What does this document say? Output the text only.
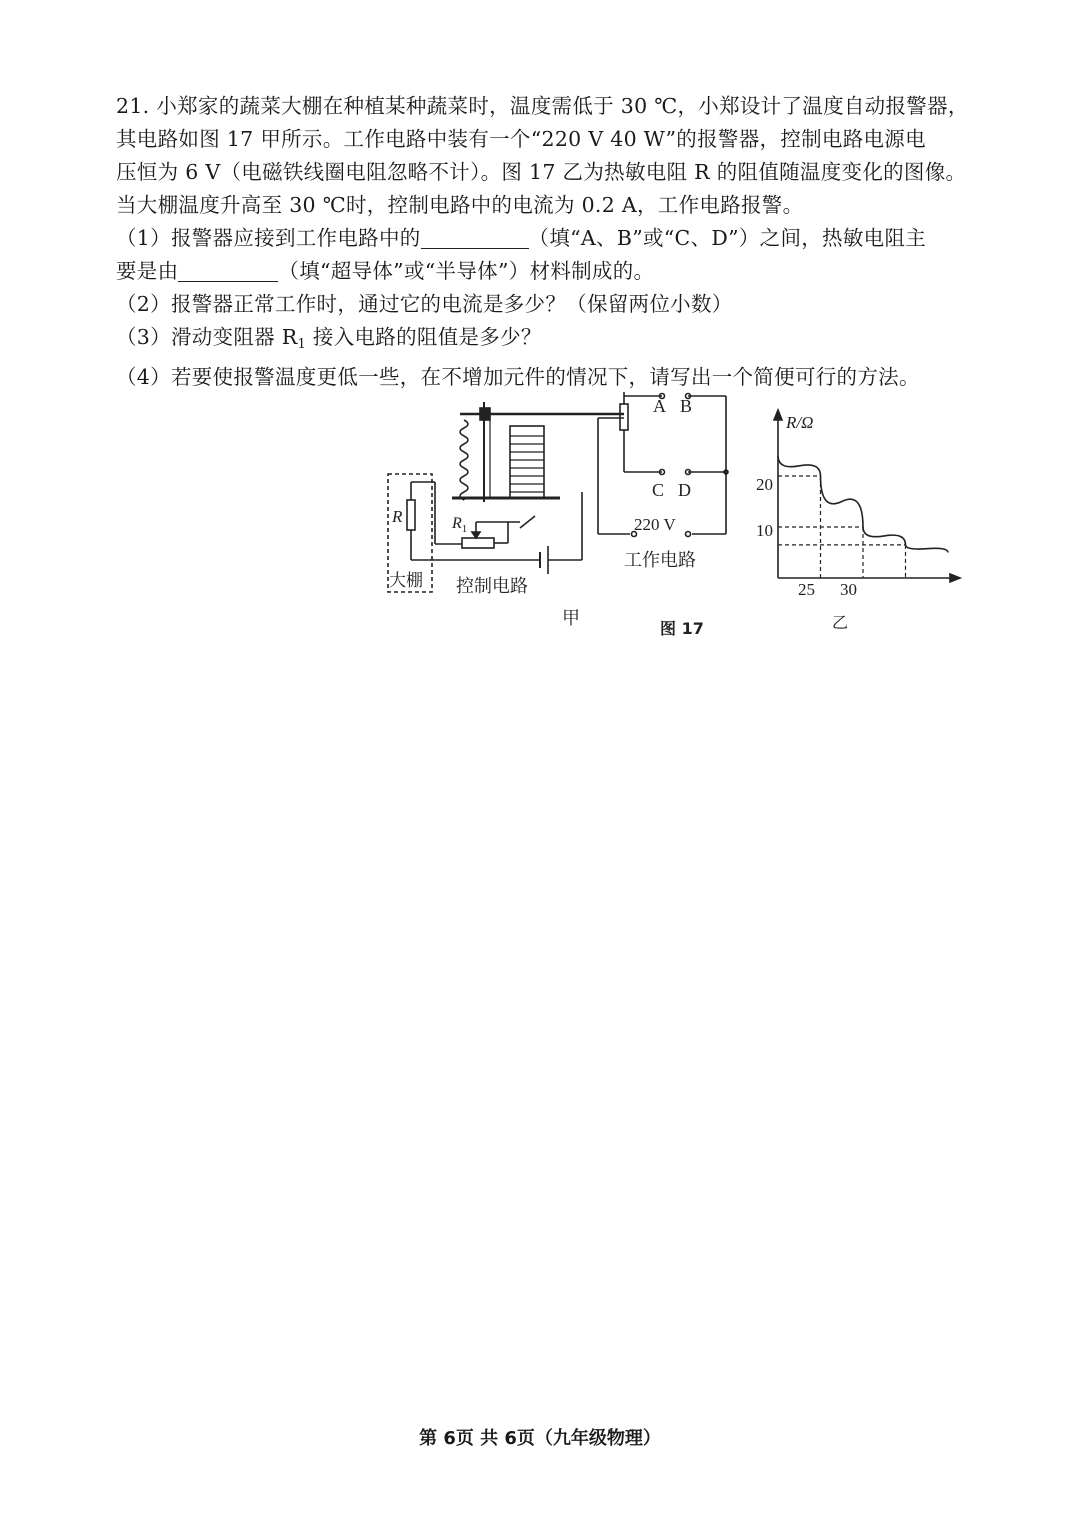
21. 小郑家的蔬菜大棚在种植某种蔬菜时，温度需低于 30 ℃，小郑设计了温度自动报警器，
其电路如图 17 甲所示。工作电路中装有一个“220 V 40 W”的报警器，控制电路电源电
压恒为 6 V（电磁铁线圈电阻忽略不计）。图 17 乙为热敏电阻 R 的阻值随温度变化的图像。
当大棚温度升高至 30 ℃时，控制电路中的电流为 0.2 A，工作电路报警。
（1）报警器应接到工作电路中的	（填“A、B”或“C、D”）之间，热敏电阻主
要是由	（填“超导体”或“半导体”）材料制成的。
（2）报警器正常工作时，通过它的电流是多少？（保留两位小数）
（3）滑动变阻器 $R_1$ 接入电路的阻值是多少？
（4）若要使报警温度更低一些，在不增加元件的情况下，请写出一个简便可行的方法。
A B
C D
R	$R_1$
大棚 控制电路
220 V
工作电路
甲	图 17
R/Ω
20
10
25 30
乙
第 6页 共 6页（九年级物理）
